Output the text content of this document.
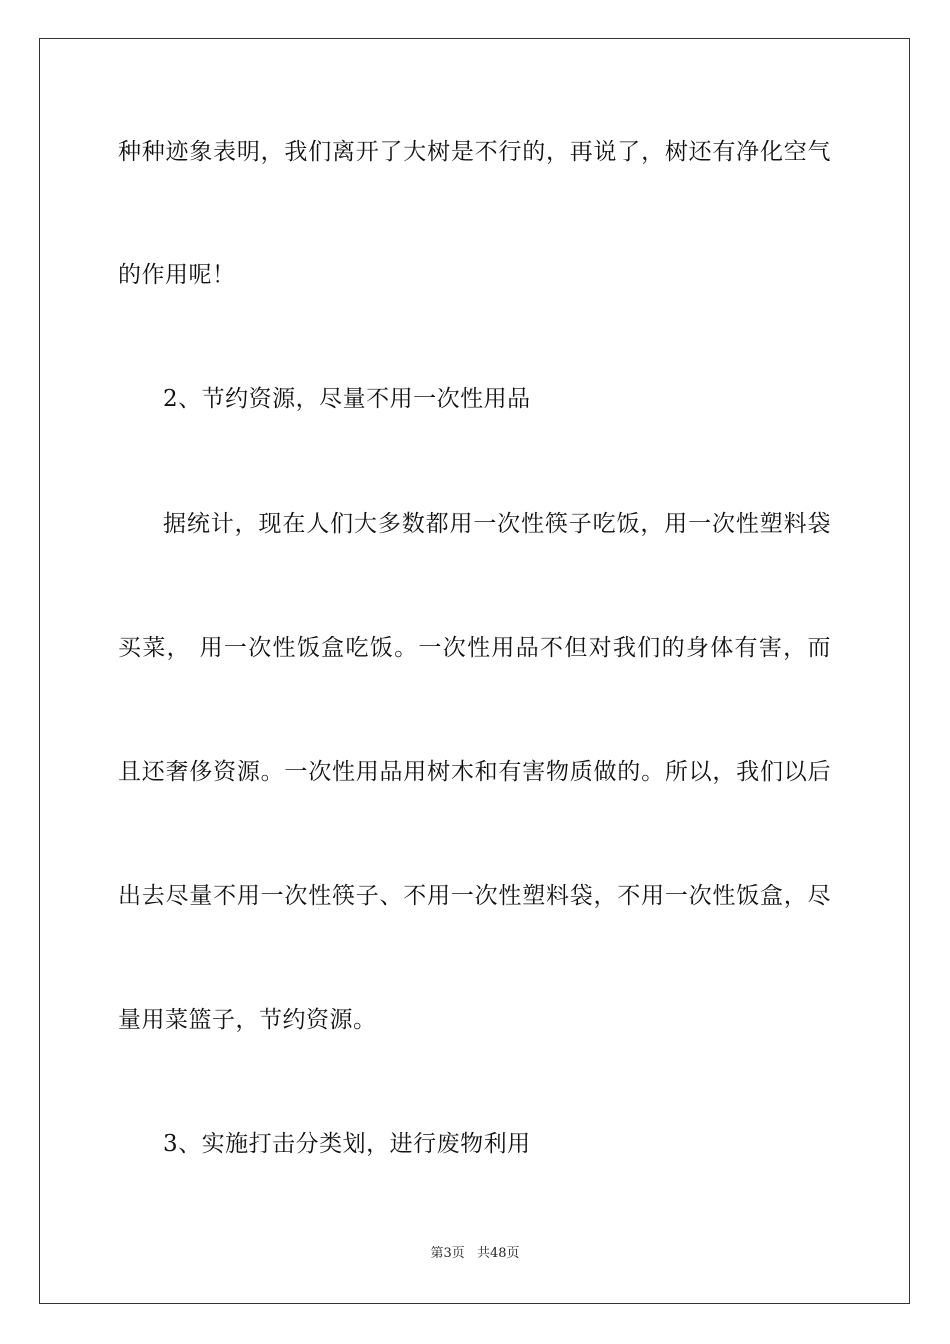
种种迹象表明，我们离开了大树是不行的，再说了，树还有净化空气
的作用呢！
2、节约资源，尽量不用一次性用品
据统计，现在人们大多数都用一次性筷子吃饭，用一次性塑料袋
买菜， 用一次性饭盒吃饭。一次性用品不但对我们的身体有害，而
且还奢侈资源。一次性用品用树木和有害物质做的。所以，我们以后
出去尽量不用一次性筷子、不用一次性塑料袋，不用一次性饭盒，尽
量用菜篮子，节约资源。
3、实施打击分类划，进行废物利用
第3页 共48页
